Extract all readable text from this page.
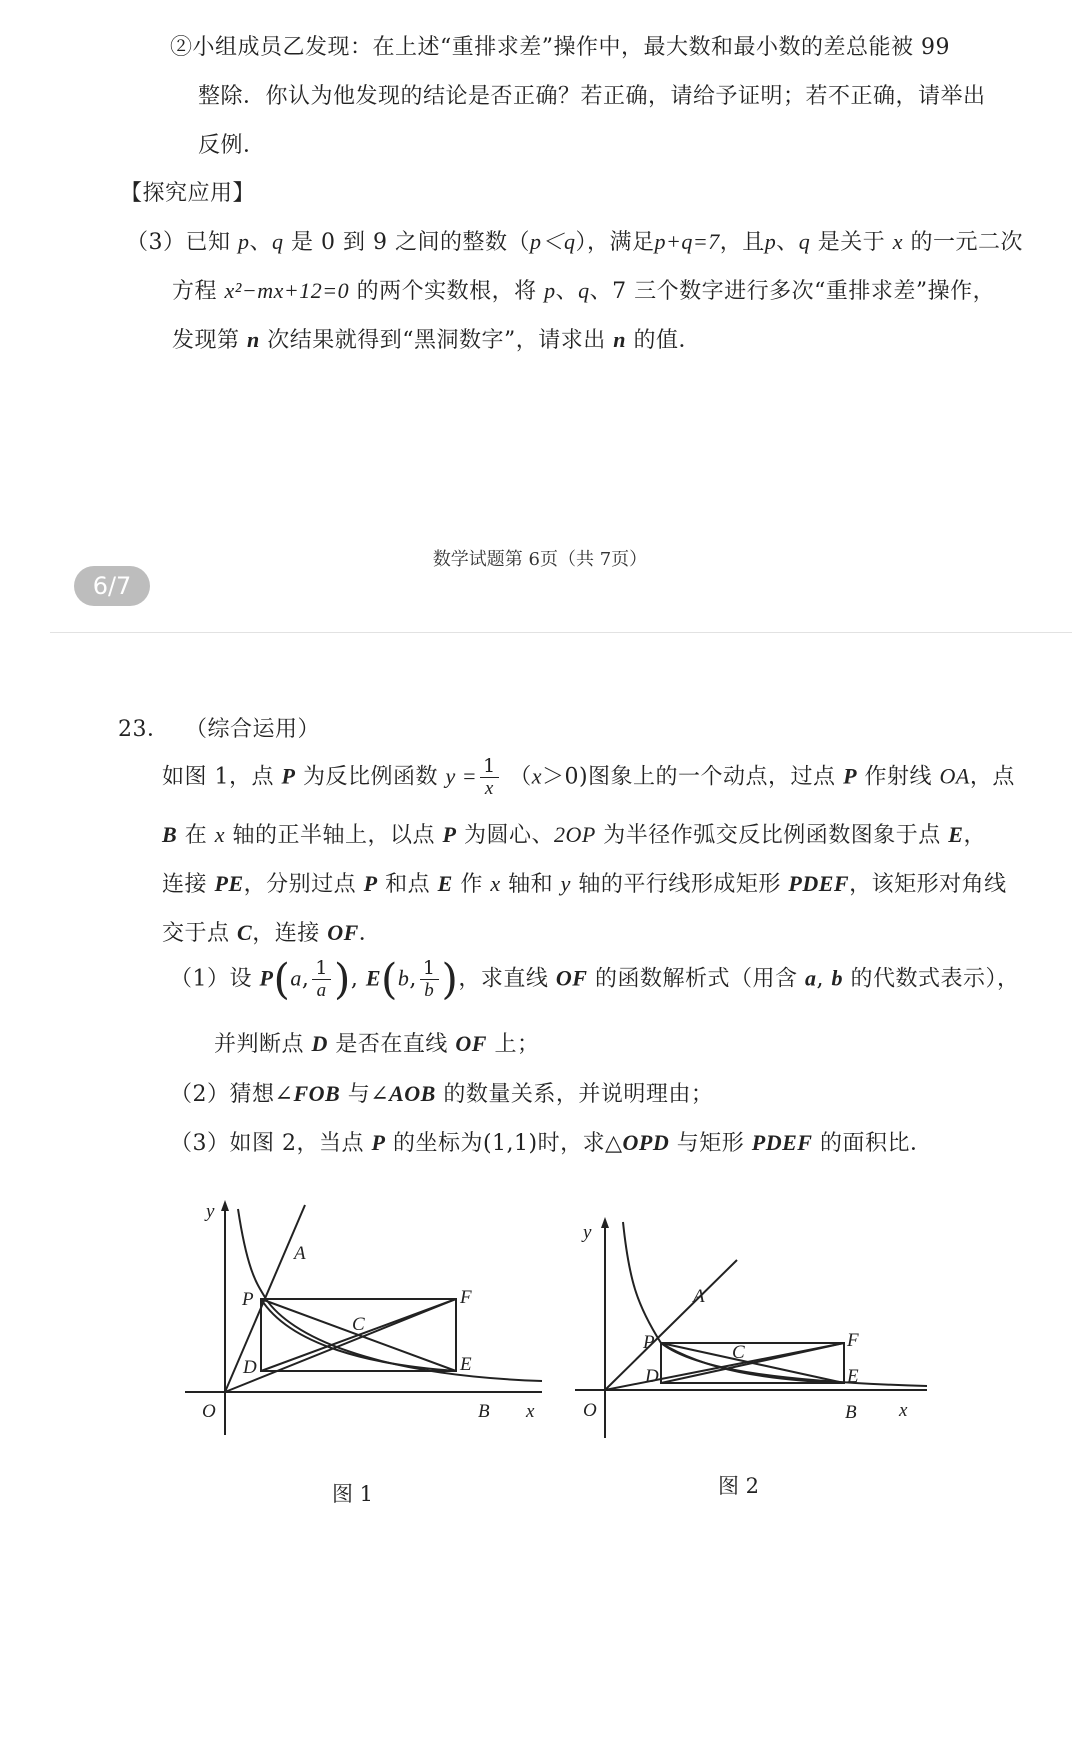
②小组成员乙发现：在上述“重排求差”操作中，最大数和最小数的差总能被 99
整除．你认为他发现的结论是否正确？若正确，请给予证明；若不正确，请举出
反例．
【探究应用】
（3）已知 p、q 是 0 到 9 之间的整数（p＜q），满足p+q=7，且p、q 是关于 x 的一元二次
方程 x²−mx+12=0 的两个实数根，将 p、q、7 三个数字进行多次“重排求差”操作，
发现第 n 次结果就得到“黑洞数字”，请求出 n 的值．
数学试题第 6页（共 7页）
6/7
23． （综合运用）
如图 1，点 P 为反比例函数 $y = \frac{1}{x} (x>0)$图象上的一个动点，过点 P 作射线 OA，点
B 在 x 轴的正半轴上，以点 P 为圆心、2OP 为半径作弧交反比例函数图象于点 E，
连接 PE，分别过点 P 和点 E 作 x 轴和 y 轴的平行线形成矩形 PDEF，该矩形对角线
交于点 C，连接 OF．
（1）设 P(a, $\frac{1}{a}$ ), E(b, $\frac{1}{b}$ )，求直线 OF 的函数解析式（用含 a, b 的代数式表示），
并判断点 D 是否在直线 OF 上；
（2）猜想∠FOB 与∠AOB 的数量关系，并说明理由；
（3）如图 2，当点 P 的坐标为(1,1)时，求△OPD 与矩形 PDEF 的面积比．
y
A
P	F
C
D	E
O	B x
图 1
y
A
P	F
C
D	E
O	B x
图 2
